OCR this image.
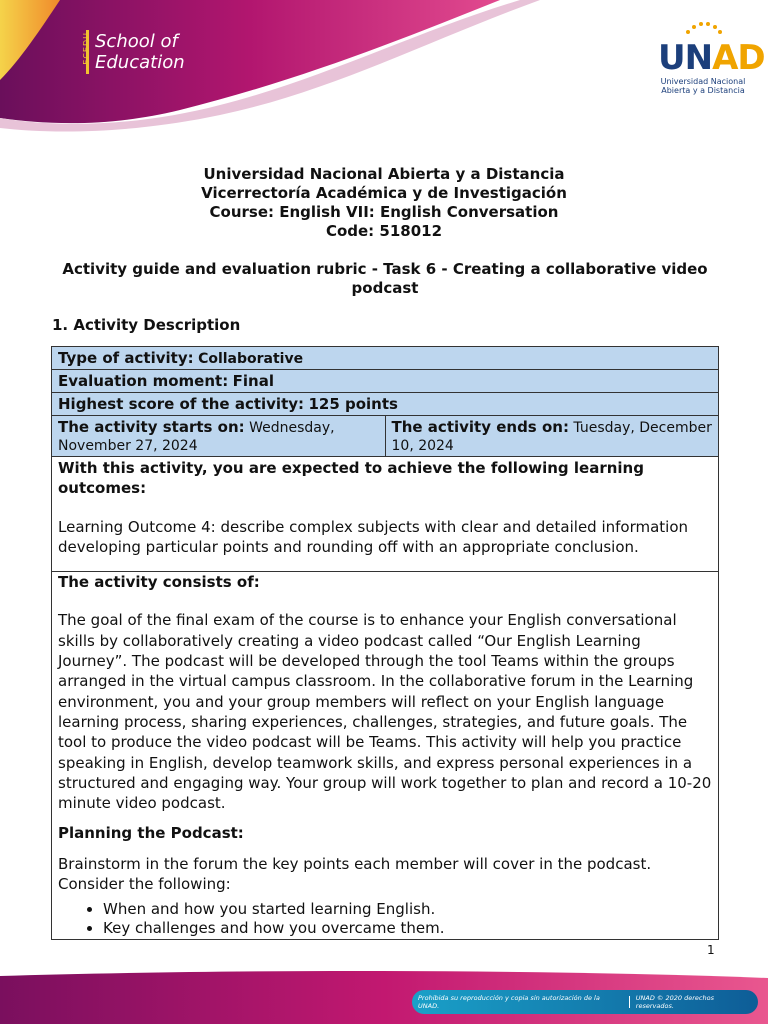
ECEDU School of
Education	UNAD
Universidad Nacional
Abierta y a Distancia
Universidad Nacional Abierta y a Distancia
Vicerrectoría Académica y de Investigación
Course: English VII: English Conversation
Code: 518012
Activity guide and evaluation rubric - Task 6 - Creating a collaborative video podcast
1. Activity Description
Type of activity: Collaborative
Evaluation moment: Final
Highest score of the activity: 125 points
The activity starts on: Wednesday, November 27, 2024	The activity ends on: Tuesday, December 10, 2024

With this activity, you are expected to achieve the following learning outcomes:

Learning Outcome 4: describe complex subjects with clear and detailed information developing particular points and rounding off with an appropriate conclusion.

The activity consists of:

The goal of the final exam of the course is to enhance your English conversational skills by collaboratively creating a video podcast called “Our English Learning Journey”. The podcast will be developed through the tool Teams within the groups arranged in the virtual campus classroom. In the collaborative forum in the Learning environment, you and your group members will reflect on your English language learning process, sharing experiences, challenges, strategies, and future goals. The tool to produce the video podcast will be Teams. This activity will help you practice speaking in English, develop teamwork skills, and express personal experiences in a structured and engaging way. Your group will work together to plan and record a 10-20 minute video podcast.

Planning the Podcast:

Brainstorm in the forum the key points each member will cover in the podcast. Consider the following:

• When and how you started learning English.
• Key challenges and how you overcame them.
1
Prohibida su reproducción y copia sin autorización de la UNAD.
UNAD © 2020 derechos reservados.
